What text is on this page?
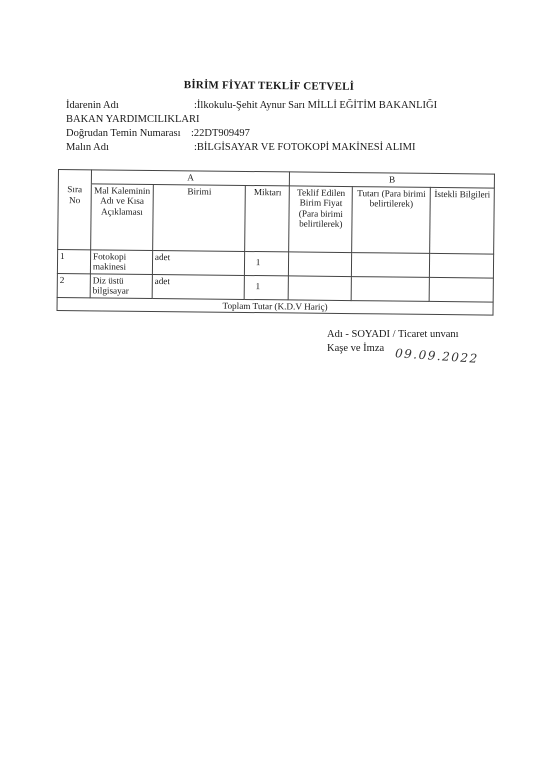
BİRİM FİYAT TEKLİF CETVELİ
İdarenin Adı	:İlkokulu-Şehit Aynur Sarı MİLLİ EĞİTİM BAKANLIĞI
BAKAN YARDIMCILIKLARI
Doğrudan Temin Numarası :22DT909497
Malın Adı	:BİLGİSAYAR VE FOTOKOPİ MAKİNESİ ALIMI
	A			B		
Sıra No	Mal Kaleminin Adı ve Kısa Açıklaması	Birimi	Miktarı	Teklif Edilen Birim Fiyat (Para birimi belirtilerek)	Tutarı (Para birimi belirtilerek)	İstekli Bilgileri
1	Fotokopi makinesi	adet	1			
2	Diz üstü bilgisayar	adet	1			
Toplam Tutar (K.D.V Hariç)						
Adı - SOYADI / Ticaret unvanı
Kaşe ve İmza 09.09.2022
